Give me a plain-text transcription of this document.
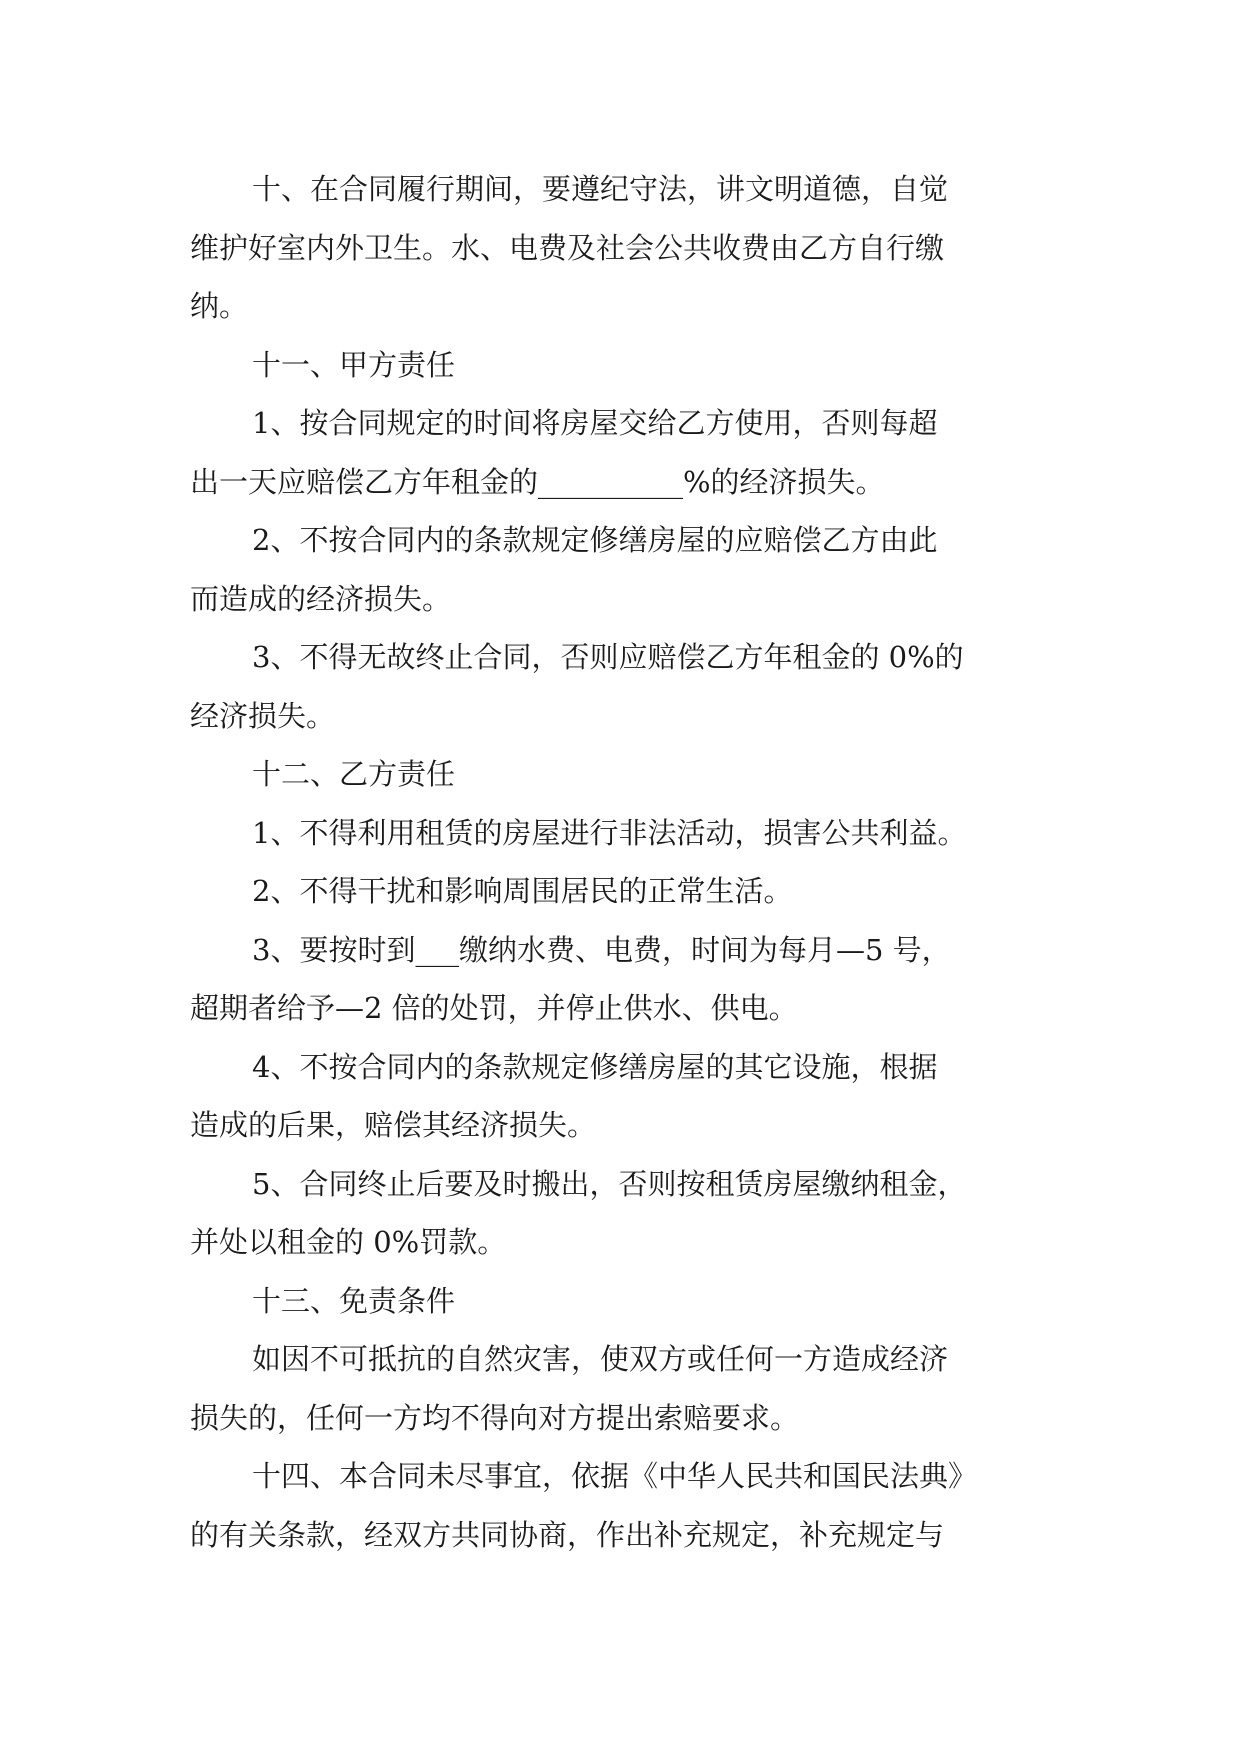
十、在合同履行期间，要遵纪守法，讲文明道德，自觉
维护好室内外卫生。水、电费及社会公共收费由乙方自行缴
纳。
十一、甲方责任
1、按合同规定的时间将房屋交给乙方使用，否则每超
出一天应赔偿乙方年租金的__________%的经济损失。
2、不按合同内的条款规定修缮房屋的应赔偿乙方由此
而造成的经济损失。
3、不得无故终止合同，否则应赔偿乙方年租金的 0%的
经济损失。
十二、乙方责任
1、不得利用租赁的房屋进行非法活动，损害公共利益。
2、不得干扰和影响周围居民的正常生活。
3、要按时到___缴纳水费、电费，时间为每月—5 号，
超期者给予—2 倍的处罚，并停止供水、供电。
4、不按合同内的条款规定修缮房屋的其它设施，根据
造成的后果，赔偿其经济损失。
5、合同终止后要及时搬出，否则按租赁房屋缴纳租金，
并处以租金的 0%罚款。
十三、免责条件
如因不可抵抗的自然灾害，使双方或任何一方造成经济
损失的，任何一方均不得向对方提出索赔要求。
十四、本合同未尽事宜，依据《中华人民共和国民法典》
的有关条款，经双方共同协商，作出补充规定，补充规定与
